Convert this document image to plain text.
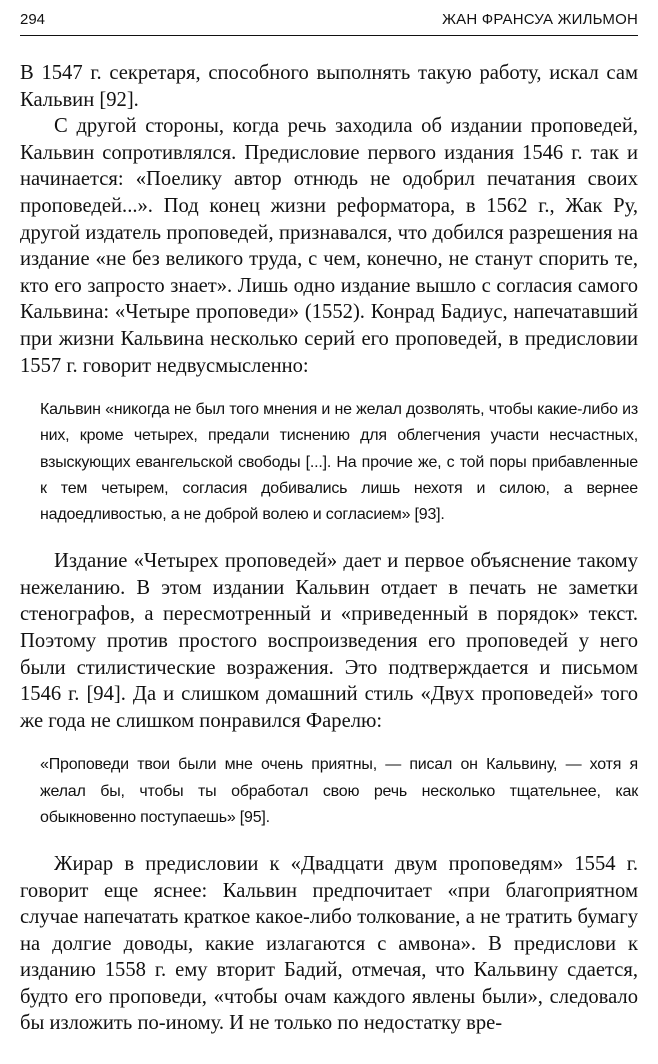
294	ЖАН ФРАНСУА ЖИЛЬМОН

В 1547 г. секретаря, способного выполнять такую работу, искал сам Кальвин [92].

С другой стороны, когда речь заходила об издании проповедей, Кальвин сопротивлялся. Предисловие первого издания 1546 г. так и начинается: «Поелику автор отнюдь не одобрил печатания своих проповедей...». Под конец жизни реформатора, в 1562 г., Жак Ру, другой издатель проповедей, признавался, что добился разрешения на издание «не без великого труда, с чем, конечно, не станут спорить те, кто его запросто знает». Лишь одно издание вышло с согласия самого Кальвина: «Четыре проповеди» (1552). Конрад Бадиус, напечатавший при жизни Кальвина несколько серий его проповедей, в предисловии 1557 г. говорит недвусмысленно:

Кальвин «никогда не был того мнения и не желал дозволять, чтобы какие-либо из них, кроме четырех, предали тиснению для облегчения участи несчастных, взыскующих евангельской свободы [...]. На прочие же, с той поры прибавленные к тем четырем, согласия добивались лишь нехотя и силою, а вернее надоедливостью, а не доброй волею и согласием» [93].

Издание «Четырех проповедей» дает и первое объяснение такому нежеланию. В этом издании Кальвин отдает в печать не заметки стенографов, а пересмотренный и «приведенный в порядок» текст. Поэтому против простого воспроизведения его проповедей у него были стилистические возражения. Это подтверждается и письмом 1546 г. [94]. Да и слишком домашний стиль «Двух проповедей» того же года не слишком понравился Фарелю:

«Проповеди твои были мне очень приятны, — писал он Кальвину, — хотя я желал бы, чтобы ты обработал свою речь несколько тщательнее, как обыкновенно поступаешь» [95].

Жирар в предисловии к «Двадцати двум проповедям» 1554 г. говорит еще яснее: Кальвин предпочитает «при благоприятном случае напечатать краткое какое-либо толкование, а не тратить бумагу на долгие доводы, какие излагаются с амвона». В предислови к изданию 1558 г. ему вторит Бадий, отмечая, что Кальвину сдается, будто его проповеди, «чтобы очам каждого явлены были», следовало бы изложить по-иному. И не только по недостатку вре-
